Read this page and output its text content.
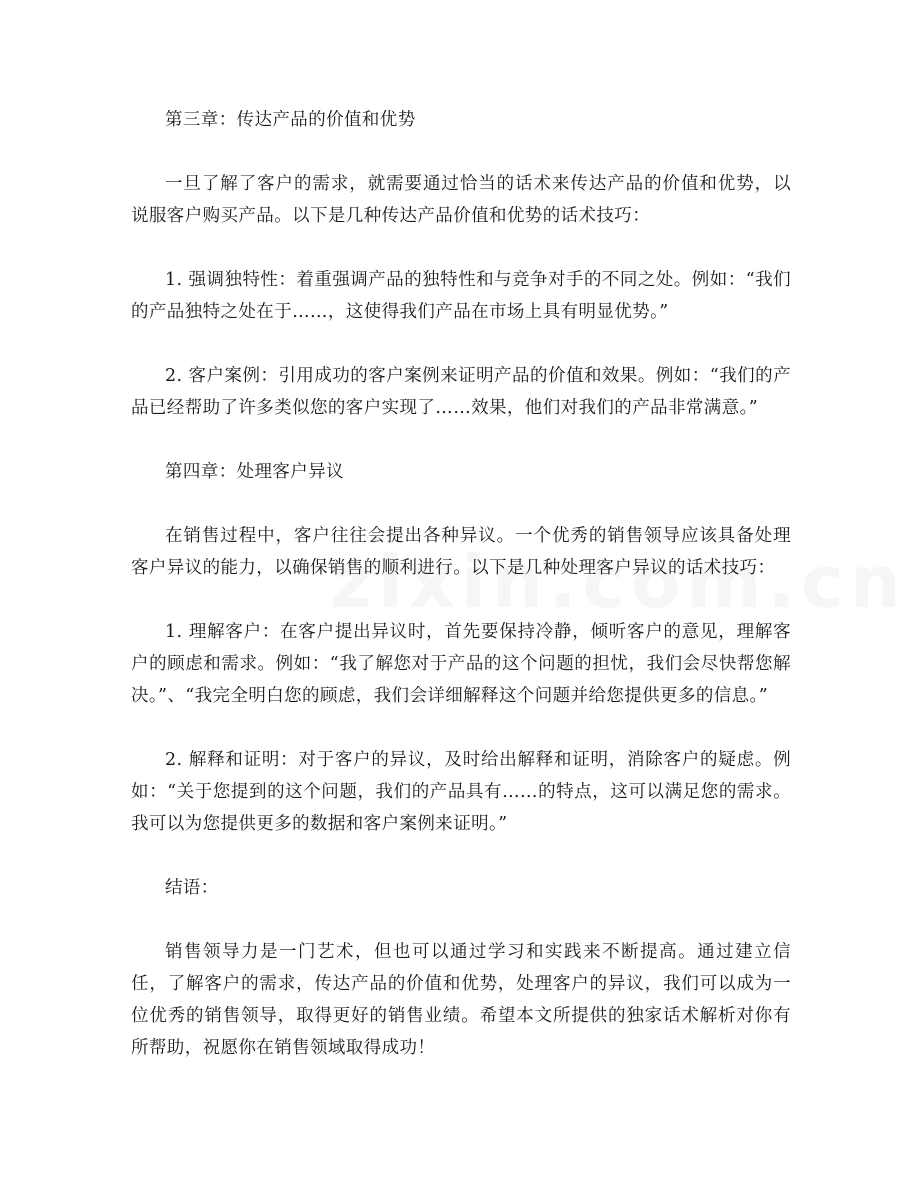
第三章：传达产品的价值和优势

一旦了解了客户的需求，就需要通过恰当的话术来传达产品的价值和优势，以说服客户购买产品。以下是几种传达产品价值和优势的话术技巧：

1. 强调独特性：着重强调产品的独特性和与竞争对手的不同之处。例如：“我们的产品独特之处在于……，这使得我们产品在市场上具有明显优势。”

2. 客户案例：引用成功的客户案例来证明产品的价值和效果。例如：“我们的产品已经帮助了许多类似您的客户实现了……效果，他们对我们的产品非常满意。”

第四章：处理客户异议

在销售过程中，客户往往会提出各种异议。一个优秀的销售领导应该具备处理客户异议的能力，以确保销售的顺利进行。以下是几种处理客户异议的话术技巧：

1. 理解客户：在客户提出异议时，首先要保持冷静，倾听客户的意见，理解客户的顾虑和需求。例如：“我了解您对于产品的这个问题的担忧，我们会尽快帮您解决。”、“我完全明白您的顾虑，我们会详细解释这个问题并给您提供更多的信息。”

2. 解释和证明：对于客户的异议，及时给出解释和证明，消除客户的疑虑。例如：“关于您提到的这个问题，我们的产品具有……的特点，这可以满足您的需求。我可以为您提供更多的数据和客户案例来证明。”

结语：

销售领导力是一门艺术，但也可以通过学习和实践来不断提高。通过建立信任，了解客户的需求，传达产品的价值和优势，处理客户的异议，我们可以成为一位优秀的销售领导，取得更好的销售业绩。希望本文所提供的独家话术解析对你有所帮助，祝愿你在销售领域取得成功！
